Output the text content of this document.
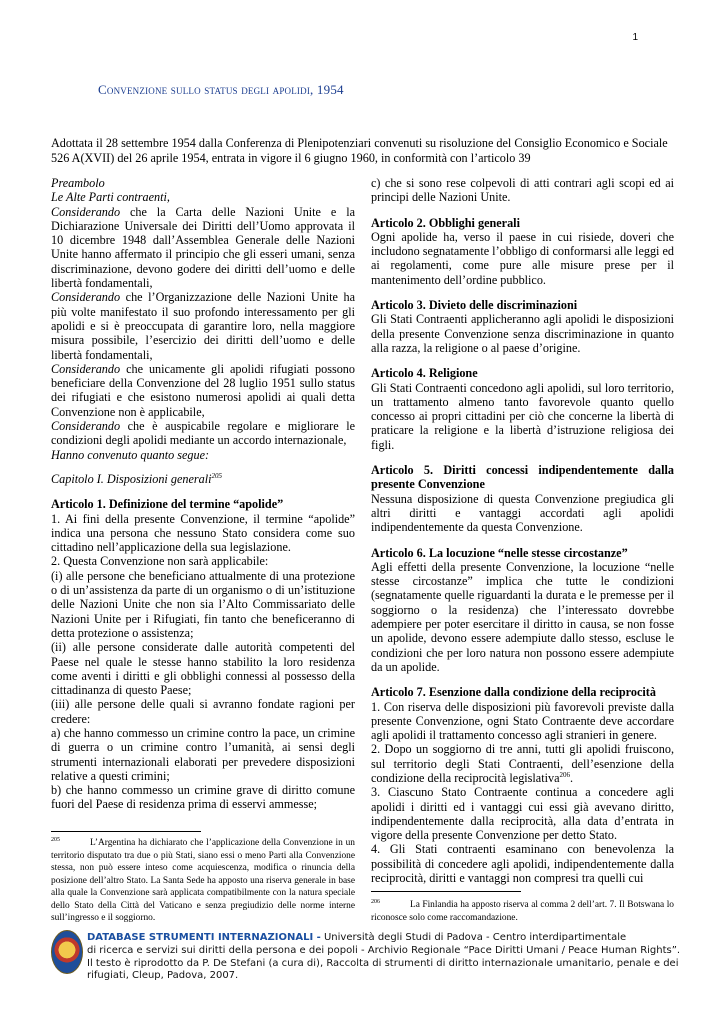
1
Convenzione sullo status degli apolidi, 1954
Adottata il 28 settembre 1954 dalla Conferenza di Plenipotenziari convenuti su risoluzione del Consiglio Economico e Sociale 526 A(XVII) del 26 aprile 1954, entrata in vigore il 6 giugno 1960, in conformità con l’articolo 39

Preambolo

Le Alte Parti contraenti,

Considerando che la Carta delle Nazioni Unite e la Dichiarazione Universale dei Diritti dell’Uomo approvata il 10 dicembre 1948 dall’Assemblea Generale delle Nazioni Unite hanno affermato il principio che gli esseri umani, senza discriminazione, devono godere dei diritti dell’uomo e delle libertà fondamentali,

Considerando che l’Organizzazione delle Nazioni Unite ha più volte manifestato il suo profondo interessamento per gli apolidi e si è preoccupata di garantire loro, nella maggiore misura possibile, l’esercizio dei diritti dell’uomo e delle libertà fondamentali,

Considerando che unicamente gli apolidi rifugiati possono beneficiare della Convenzione del 28 luglio 1951 sullo status dei rifugiati e che esistono numerosi apolidi ai quali detta Convenzione non è applicabile,

Considerando che è auspicabile regolare e migliorare le condizioni degli apolidi mediante un accordo internazionale,

Hanno convenuto quanto segue:

Capitolo I. Disposizioni generali$^{205}$

Articolo 1. Definizione del termine “apolide”

1. Ai fini della presente Convenzione, il termine “apolide” indica una persona che nessuno Stato considera come suo cittadino nell’applicazione della sua legislazione.

2. Questa Convenzione non sarà applicabile:

(i) alle persone che beneficiano attualmente di una protezione o di un’assistenza da parte di un organismo o di un’istituzione delle Nazioni Unite che non sia l’Alto Commissariato delle Nazioni Unite per i Rifugiati, fin tanto che beneficeranno di detta protezione o assistenza;

(ii) alle persone considerate dalle autorità competenti del Paese nel quale le stesse hanno stabilito la loro residenza come aventi i diritti e gli obblighi connessi al possesso della cittadinanza di questo Paese;

(iii) alle persone delle quali si avranno fondate ragioni per credere:

a) che hanno commesso un crimine contro la pace, un crimine di guerra o un crimine contro l’umanità, ai sensi degli strumenti internazionali elaborati per prevedere disposizioni relative a questi crimini;

b) che hanno commesso un crimine grave di diritto comune fuori del Paese di residenza prima di esservi ammesse;

c) che si sono rese colpevoli di atti contrari agli scopi ed ai principi delle Nazioni Unite.

Articolo 2. Obblighi generali

Ogni apolide ha, verso il paese in cui risiede, doveri che includono segnatamente l’obbligo di conformarsi alle leggi ed ai regolamenti, come pure alle misure prese per il mantenimento dell’ordine pubblico.

Articolo 3. Divieto delle discriminazioni

Gli Stati Contraenti applicheranno agli apolidi le disposizioni della presente Convenzione senza discriminazione in quanto alla razza, la religione o al paese d’origine.

Articolo 4. Religione

Gli Stati Contraenti concedono agli apolidi, sul loro territorio, un trattamento almeno tanto favorevole quanto quello concesso ai propri cittadini per ciò che concerne la libertà di praticare la religione e la libertà d’istruzione religiosa dei figli.

Articolo 5. Diritti concessi indipendentemente dalla presente Convenzione

Nessuna disposizione di questa Convenzione pregiudica gli altri diritti e vantaggi accordati agli apolidi indipendentemente da questa Convenzione.

Articolo 6. La locuzione “nelle stesse circostanze”

Agli effetti della presente Convenzione, la locuzione “nelle stesse circostanze” implica che tutte le condizioni (segnatamente quelle riguardanti la durata e le premesse per il soggiorno o la residenza) che l’interessato dovrebbe adempiere per poter esercitare il diritto in causa, se non fosse un apolide, devono essere adempiute dallo stesso, escluse le condizioni che per loro natura non possono essere adempiute da un apolide.

Articolo 7. Esenzione dalla condizione della reciprocità

1. Con riserva delle disposizioni più favorevoli previste dalla presente Convenzione, ogni Stato Contraente deve accordare agli apolidi il trattamento concesso agli stranieri in genere.

2. Dopo un soggiorno di tre anni, tutti gli apolidi fruiscono, sul territorio degli Stati Contraenti, dell’esenzione della condizione della reciprocità legislativa$^{206}$.

3. Ciascuno Stato Contraente continua a concedere agli apolidi i diritti ed i vantaggi cui essi già avevano diritto, indipendentemente dalla reciprocità, alla data d’entrata in vigore della presente Convenzione per detto Stato.

4. Gli Stati contraenti esaminano con benevolenza la possibilità di concedere agli apolidi, indipendentemente dalla reciprocità, diritti e vantaggi non compresi tra quelli cui

$^{205}$	L’Argentina ha dichiarato che l’applicazione della Convenzione in un territorio disputato tra due o più Stati, siano essi o meno Parti alla Convenzione stessa, non può essere inteso come acquiescenza, modifica o rinuncia della posizione dell’altro Stato. La Santa Sede ha apposto una riserva generale in base alla quale la Convenzione sarà applicata compatibilmente con la natura speciale dello Stato della Città del Vaticano e senza pregiudizio delle norme interne sull’ingresso e il soggiorno.
$^{206}$	La Finlandia ha apposto riserva al comma 2 dell’art. 7. Il Botswana lo riconosce solo come raccomandazione.
DATABASE STRUMENTI INTERNAZIONALI - Università degli Studi di Padova - Centro interdipartimentale
di ricerca e servizi sui diritti della persona e dei popoli - Archivio Regionale “Pace Diritti Umani / Peace Human Rights”.
Il testo è riprodotto da P. De Stefani (a cura di), Raccolta di strumenti di diritto internazionale umanitario, penale e dei
rifugiati, Cleup, Padova, 2007.
